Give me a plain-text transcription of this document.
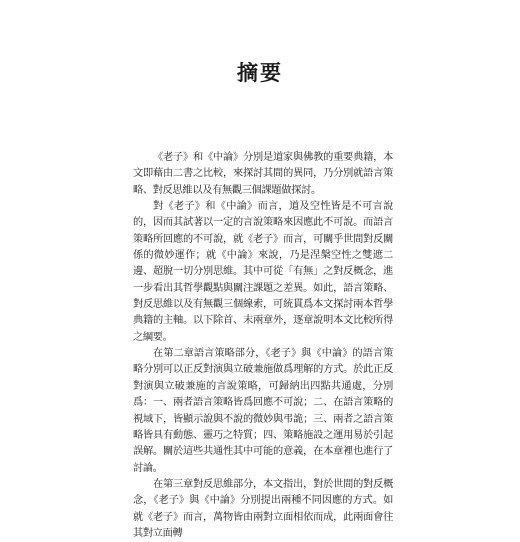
摘要

《老子》和《中論》分別是道家與佛教的重要典籍，本文即藉由二書之比較，來探討其間的異同，乃分別就語言策略、對反思維以及有無觀三個課題做探討。

對《老子》和《中論》而言，道及空性皆是不可言說的，因而其試著以一定的言說策略來因應此不可說。而語言策略所回應的不可說，就《老子》而言，可關乎世間對反關係的微妙運作；就《中論》來說，乃是涅槃空性之雙遮二邊、超脫一切分別思維。其中可從「有無」之對反概念，進一步看出其哲學觀點與關注課題之差異。如此，語言策略、對反思維以及有無觀三個線索，可統貫爲本文探討兩本哲學典籍的主軸。以下除首、末兩章外，逐章說明本文比較所得之綱要。

在第二章語言策略部分，《老子》與《中論》的語言策略分別可以正反對演與立破兼施做爲理解的方式。於此正反對演與立破兼施的言說策略，可歸納出四點共通處，分別爲：一、兩者語言策略皆爲回應不可說；二、在語言策略的視域下，皆顯示說與不說的微妙與弔詭；三、兩者之語言策略皆具有動態、靈巧之特質；四、策略施設之運用易於引起誤解。關於這些共通性其中可能的意義，在本章裡也進行了討論。

在第三章對反思維部分，本文指出，對於世間的對反概念，《老子》與《中論》分別提出兩種不同因應的方式。如就《老子》而言，萬物皆由兩對立面相依而成，此兩面會往其對立面轉
